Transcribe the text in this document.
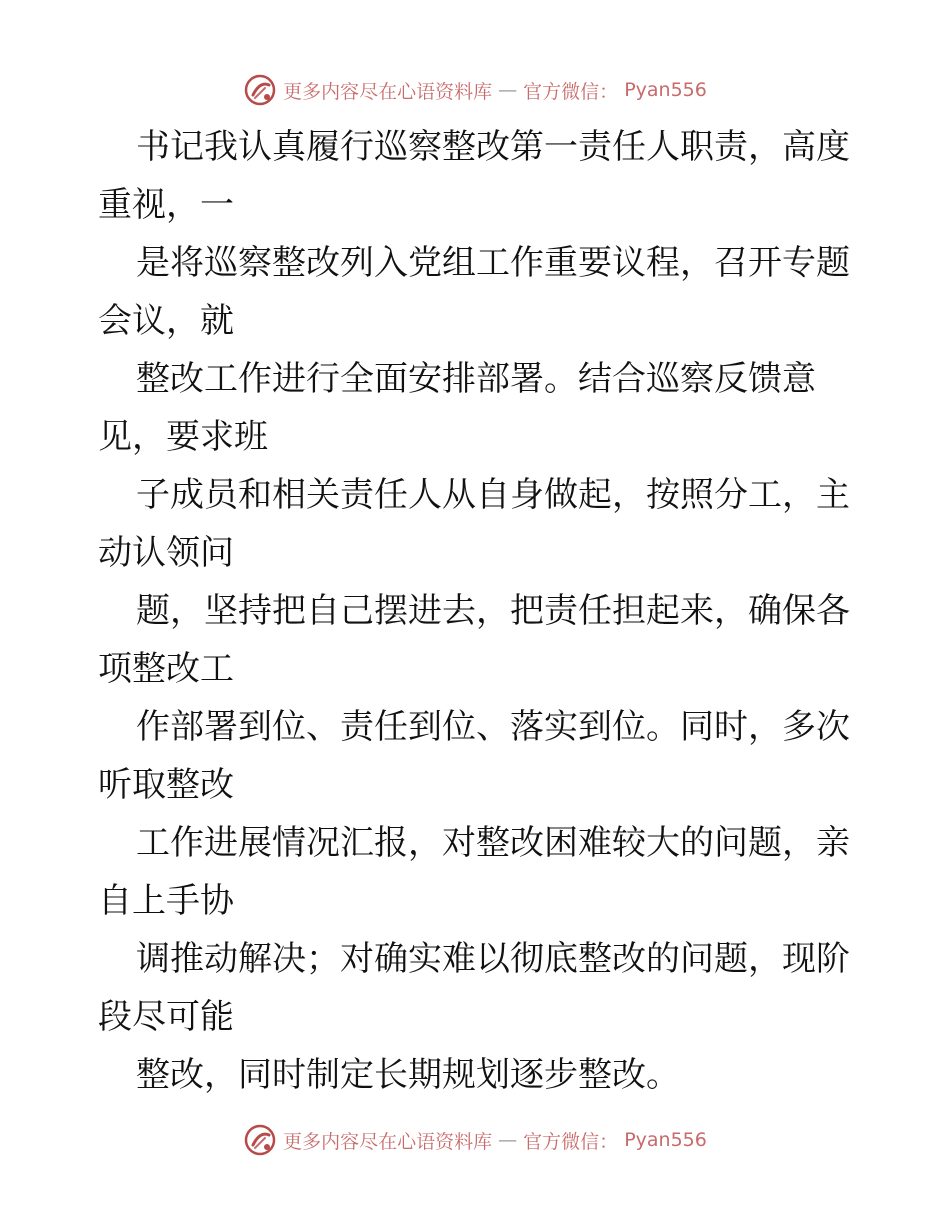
更多内容尽在心语资料库 — 官方微信： Pyan556

书记我认真履行巡察整改第一责任人职责，高度

重视，一

是将巡察整改列入党组工作重要议程，召开专题

会议，就

整改工作进行全面安排部署。结合巡察反馈意

见，要求班

子成员和相关责任人从自身做起，按照分工，主

动认领问

题，坚持把自己摆进去，把责任担起来，确保各

项整改工

作部署到位、责任到位、落实到位。同时，多次

听取整改

工作进展情况汇报，对整改困难较大的问题，亲

自上手协

调推动解决；对确实难以彻底整改的问题，现阶

段尽可能

整改，同时制定长期规划逐步整改。

更多内容尽在心语资料库 — 官方微信： Pyan556
